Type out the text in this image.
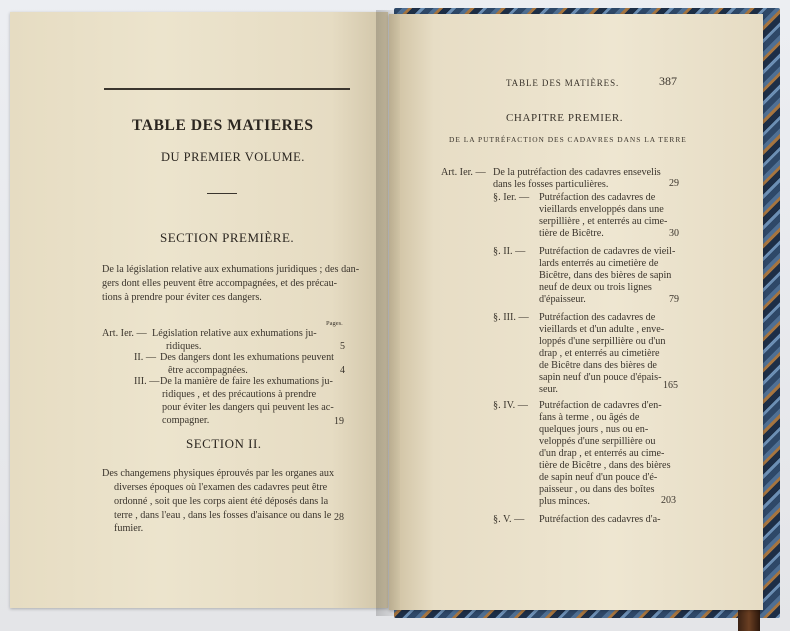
TABLE DES MATIERES
DU PREMIER VOLUME.
SECTION PREMIÈRE.
De la législation relative aux exhumations juridiques ; des dan-
gers dont elles peuvent être accompagnées, et des précau-
tions à prendre pour éviter ces dangers.
Pages.
Art. Ier. — Législation relative aux exhumations ju-
ridiques.	5
II. — Des dangers dont les exhumations peuvent
être accompagnées.	4
III. — De la manière de faire les exhumations ju-
ridiques , et des précautions à prendre
pour éviter les dangers qui peuvent les ac-
compagner.	19
SECTION II.
Des changemens physiques éprouvés par les organes aux
diverses époques où l'examen des cadavres peut être
ordonné , soit que les corps aient été déposés dans la
terre , dans l'eau , dans les fosses d'aisance ou dans le
fumier.
28
TABLE DES MATIÈRES.	387
CHAPITRE PREMIER.
DE LA PUTRÉFACTION DES CADAVRES DANS LA TERRE
Art. Ier. — De la putréfaction des cadavres ensevelis
dans les fosses particulières.	29
§. Ier. — Putréfaction des cadavres de
vieillards enveloppés dans une
serpillière , et enterrés au cime-
tière de Bicêtre.	30
§. II. — Putréfaction de cadavres de vieil-
lards enterrés au cimetière de
Bicêtre, dans des bières de sapin
neuf de deux ou trois lignes
d'épaisseur.	79
§. III. — Putréfaction des cadavres de
vieillards et d'un adulte , enve-
loppés d'une serpillière ou d'un
drap , et enterrés au cimetière
de Bicêtre dans des bières de
sapin neuf d'un pouce d'épais-
seur.	165
§. IV. — Putréfaction de cadavres d'en-
fans à terme , ou âgés de
quelques jours , nus ou en-
veloppés d'une serpillière ou
d'un drap , et enterrés au cime-
tière de Bicêtre , dans des bières
de sapin neuf d'un pouce d'é-
paisseur , ou dans des boîtes
plus minces.	203
§. V. — Putréfaction des cadavres d'a-
